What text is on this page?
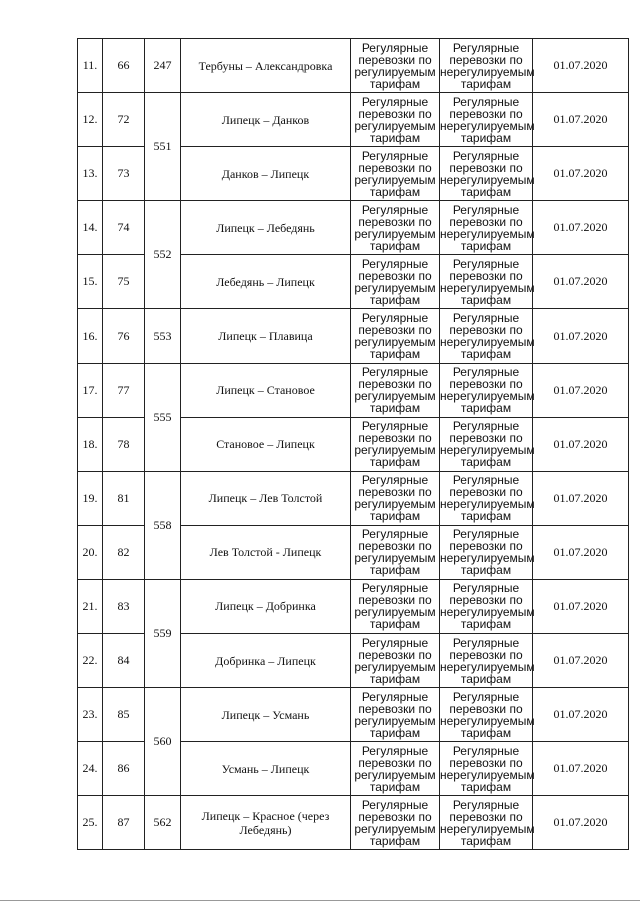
11.	66	247	Тербуны – Александровка	Регулярные
перевозки по
регулируемым
тарифам	Регулярные
перевозки по
нерегулируемым
тарифам	01.07.2020
12.	72	551	Липецк – Данков	Регулярные
перевозки по
регулируемым
тарифам	Регулярные
перевозки по
нерегулируемым
тарифам	01.07.2020
13.	73		Данков – Липецк	Регулярные
перевозки по
регулируемым
тарифам	Регулярные
перевозки по
нерегулируемым
тарифам	01.07.2020
14.	74	552	Липецк – Лебедянь	Регулярные
перевозки по
регулируемым
тарифам	Регулярные
перевозки по
нерегулируемым
тарифам	01.07.2020
15.	75		Лебедянь – Липецк	Регулярные
перевозки по
регулируемым
тарифам	Регулярные
перевозки по
нерегулируемым
тарифам	01.07.2020
16.	76	553	Липецк – Плавица	Регулярные
перевозки по
регулируемым
тарифам	Регулярные
перевозки по
нерегулируемым
тарифам	01.07.2020
17.	77	555	Липецк – Становое	Регулярные
перевозки по
регулируемым
тарифам	Регулярные
перевозки по
нерегулируемым
тарифам	01.07.2020
18.	78		Становое – Липецк	Регулярные
перевозки по
регулируемым
тарифам	Регулярные
перевозки по
нерегулируемым
тарифам	01.07.2020
19.	81	558	Липецк – Лев Толстой	Регулярные
перевозки по
регулируемым
тарифам	Регулярные
перевозки по
нерегулируемым
тарифам	01.07.2020
20.	82		Лев Толстой - Липецк	Регулярные
перевозки по
регулируемым
тарифам	Регулярные
перевозки по
нерегулируемым
тарифам	01.07.2020
21.	83	559	Липецк – Добринка	Регулярные
перевозки по
регулируемым
тарифам	Регулярные
перевозки по
нерегулируемым
тарифам	01.07.2020
22.	84		Добринка – Липецк	Регулярные
перевозки по
регулируемым
тарифам	Регулярные
перевозки по
нерегулируемым
тарифам	01.07.2020
23.	85	560	Липецк – Усмань	Регулярные
перевозки по
регулируемым
тарифам	Регулярные
перевозки по
нерегулируемым
тарифам	01.07.2020
24.	86		Усмань – Липецк	Регулярные
перевозки по
регулируемым
тарифам	Регулярные
перевозки по
нерегулируемым
тарифам	01.07.2020
25.	87	562	Липецк – Красное (через Лебедянь)	Регулярные
перевозки по
регулируемым
тарифам	Регулярные
перевозки по
нерегулируемым
тарифам	01.07.2020
